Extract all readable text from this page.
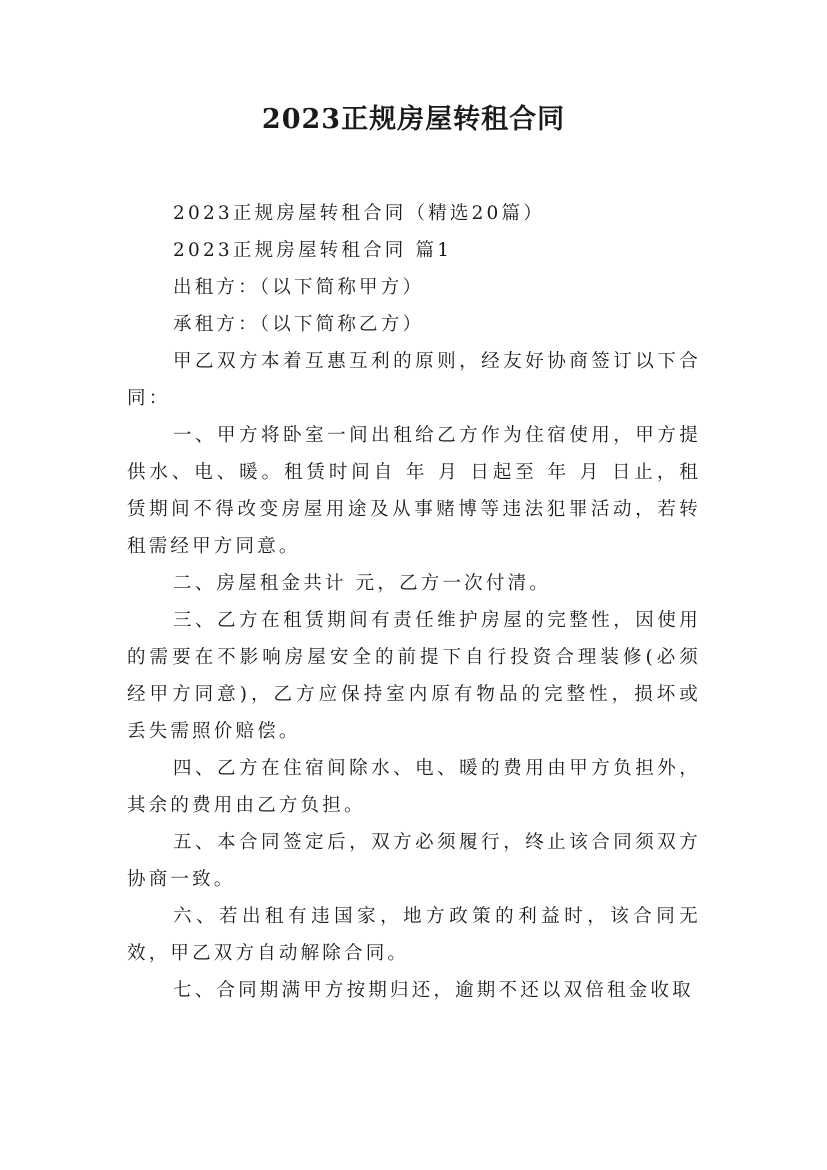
2023正规房屋转租合同

2023正规房屋转租合同（精选20篇）

2023正规房屋转租合同 篇1

出租方：（以下简称甲方）

承租方：（以下简称乙方）

甲乙双方本着互惠互利的原则，经友好协商签订以下合同：

一、甲方将卧室一间出租给乙方作为住宿使用，甲方提供水、电、暖。租赁时间自 年 月 日起至 年 月 日止，租赁期间不得改变房屋用途及从事赌博等违法犯罪活动，若转租需经甲方同意。

二、房屋租金共计 元，乙方一次付清。

三、乙方在租赁期间有责任维护房屋的完整性，因使用的需要在不影响房屋安全的前提下自行投资合理装修(必须经甲方同意)，乙方应保持室内原有物品的完整性，损坏或丢失需照价赔偿。

四、乙方在住宿间除水、电、暖的费用由甲方负担外，其余的费用由乙方负担。

五、本合同签定后，双方必须履行，终止该合同须双方协商一致。

六、若出租有违国家，地方政策的利益时，该合同无效，甲乙双方自动解除合同。

七、合同期满甲方按期归还，逾期不还以双倍租金收取
